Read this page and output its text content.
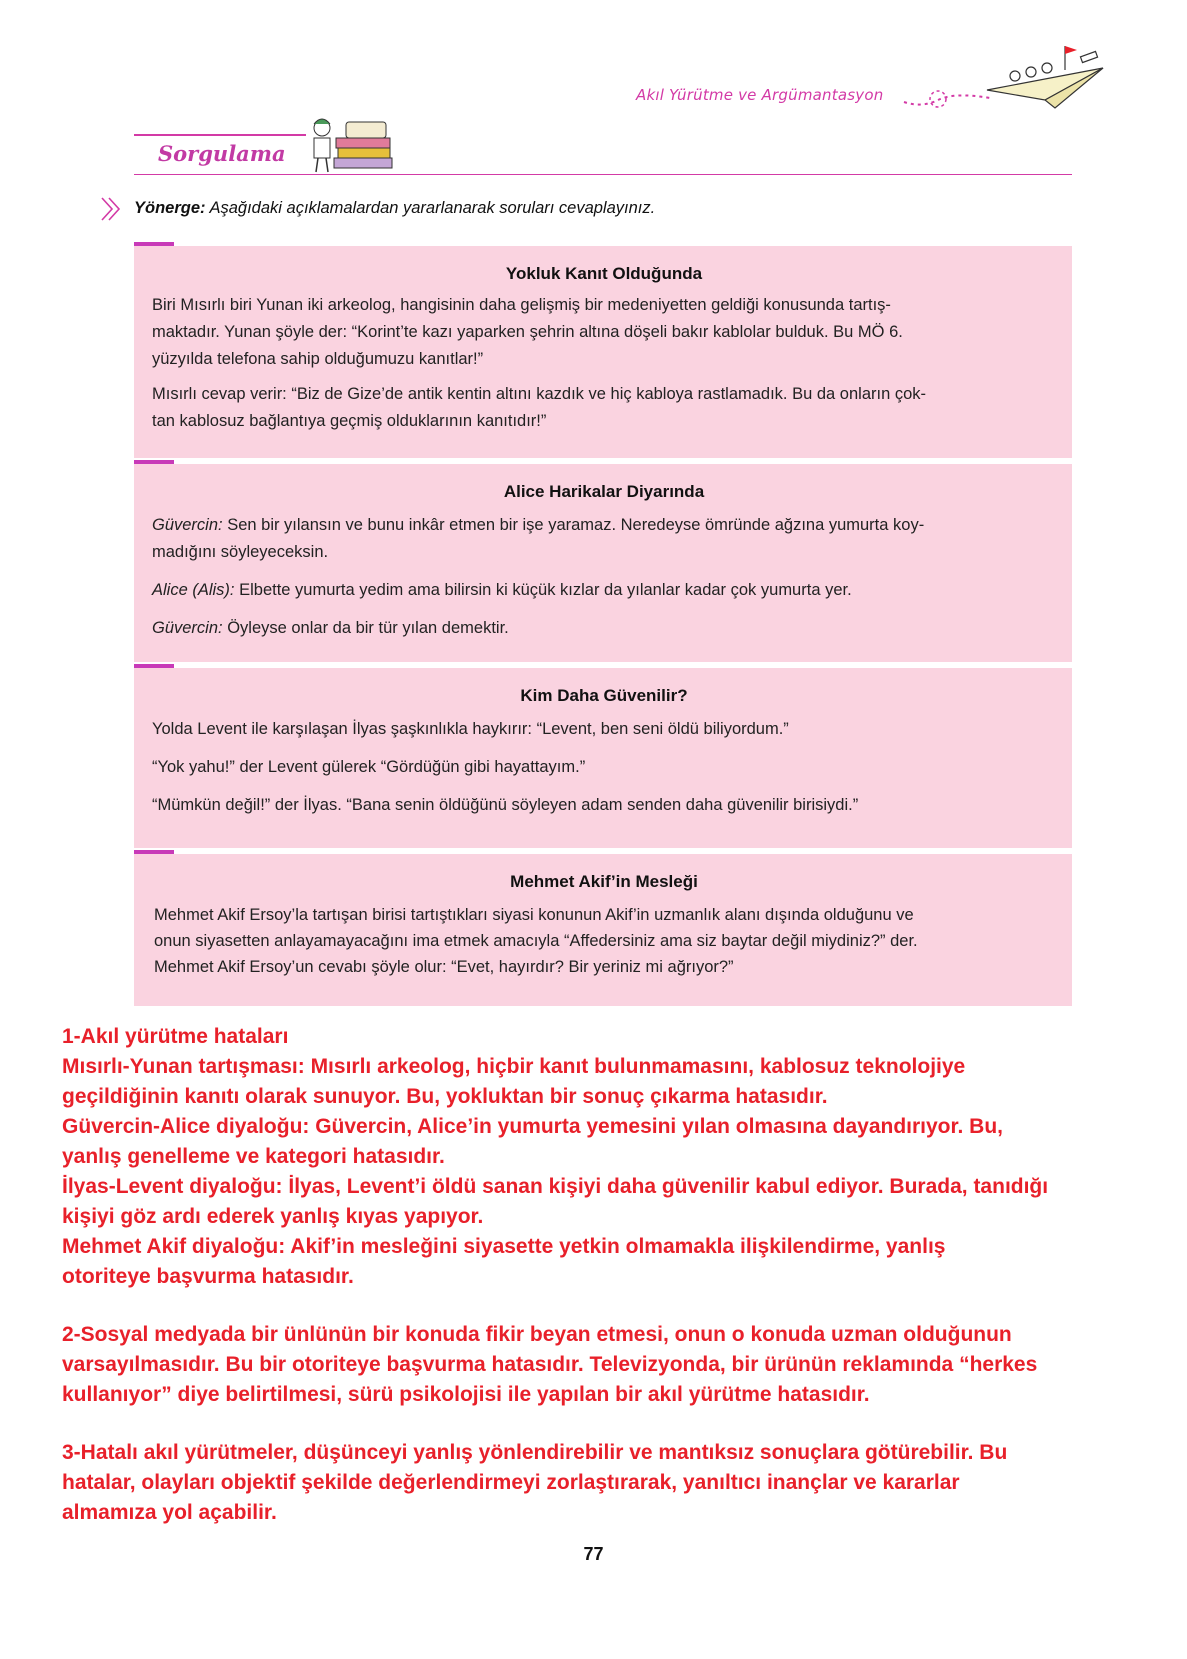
Akıl Yürütme ve Argümantasyon
Sorgulama
Yönerge: Aşağıdaki açıklamalardan yararlanarak soruları cevaplayınız.
Yokluk Kanıt Olduğunda

Biri Mısırlı biri Yunan iki arkeolog, hangisinin daha gelişmiş bir medeniyetten geldiği konusunda tartış-
maktadır. Yunan şöyle der: “Korint’te kazı yaparken şehrin altına döşeli bakır kablolar bulduk. Bu MÖ 6.
yüzyılda telefona sahip olduğumuzu kanıtlar!”

Mısırlı cevap verir: “Biz de Gize’de antik kentin altını kazdık ve hiç kabloya rastlamadık. Bu da onların çok-
tan kablosuz bağlantıya geçmiş olduklarının kanıtıdır!”

Alice Harikalar Diyarında

Güvercin: Sen bir yılansın ve bunu inkâr etmen bir işe yaramaz. Neredeyse ömründe ağzına yumurta koy-
madığını söyleyeceksin.

Alice (Alis): Elbette yumurta yedim ama bilirsin ki küçük kızlar da yılanlar kadar çok yumurta yer.

Güvercin: Öyleyse onlar da bir tür yılan demektir.

Kim Daha Güvenilir?

Yolda Levent ile karşılaşan İlyas şaşkınlıkla haykırır: “Levent, ben seni öldü biliyordum.”

“Yok yahu!” der Levent gülerek “Gördüğün gibi hayattayım.”

“Mümkün değil!” der İlyas. “Bana senin öldüğünü söyleyen adam senden daha güvenilir birisiydi.”

Mehmet Akif’in Mesleği

Mehmet Akif Ersoy’la tartışan birisi tartıştıkları siyasi konunun Akif’in uzmanlık alanı dışında olduğunu ve
onun siyasetten anlayamayacağını ima etmek amacıyla “Affedersiniz ama siz baytar değil miydiniz?” der.
Mehmet Akif Ersoy’un cevabı şöyle olur: “Evet, hayırdır? Bir yeriniz mi ağrıyor?”

1-Akıl yürütme hataları

Mısırlı-Yunan tartışması: Mısırlı arkeolog, hiçbir kanıt bulunmamasını, kablosuz teknolojiye

geçildiğinin kanıtı olarak sunuyor. Bu, yokluktan bir sonuç çıkarma hatasıdır.

Güvercin-Alice diyaloğu: Güvercin, Alice’in yumurta yemesini yılan olmasına dayandırıyor. Bu,

yanlış genelleme ve kategori hatasıdır.

İlyas-Levent diyaloğu: İlyas, Levent’i öldü sanan kişiyi daha güvenilir kabul ediyor. Burada, tanıdığı

kişiyi göz ardı ederek yanlış kıyas yapıyor.

Mehmet Akif diyaloğu: Akif’in mesleğini siyasette yetkin olmamakla ilişkilendirme, yanlış

otoriteye başvurma hatasıdır.

2-Sosyal medyada bir ünlünün bir konuda fikir beyan etmesi, onun o konuda uzman olduğunun

varsayılmasıdır. Bu bir otoriteye başvurma hatasıdır. Televizyonda, bir ürünün reklamında “herkes

kullanıyor” diye belirtilmesi, sürü psikolojisi ile yapılan bir akıl yürütme hatasıdır.

3-Hatalı akıl yürütmeler, düşünceyi yanlış yönlendirebilir ve mantıksız sonuçlara götürebilir. Bu

hatalar, olayları objektif şekilde değerlendirmeyi zorlaştırarak, yanıltıcı inançlar ve kararlar

almamıza yol açabilir.

77
